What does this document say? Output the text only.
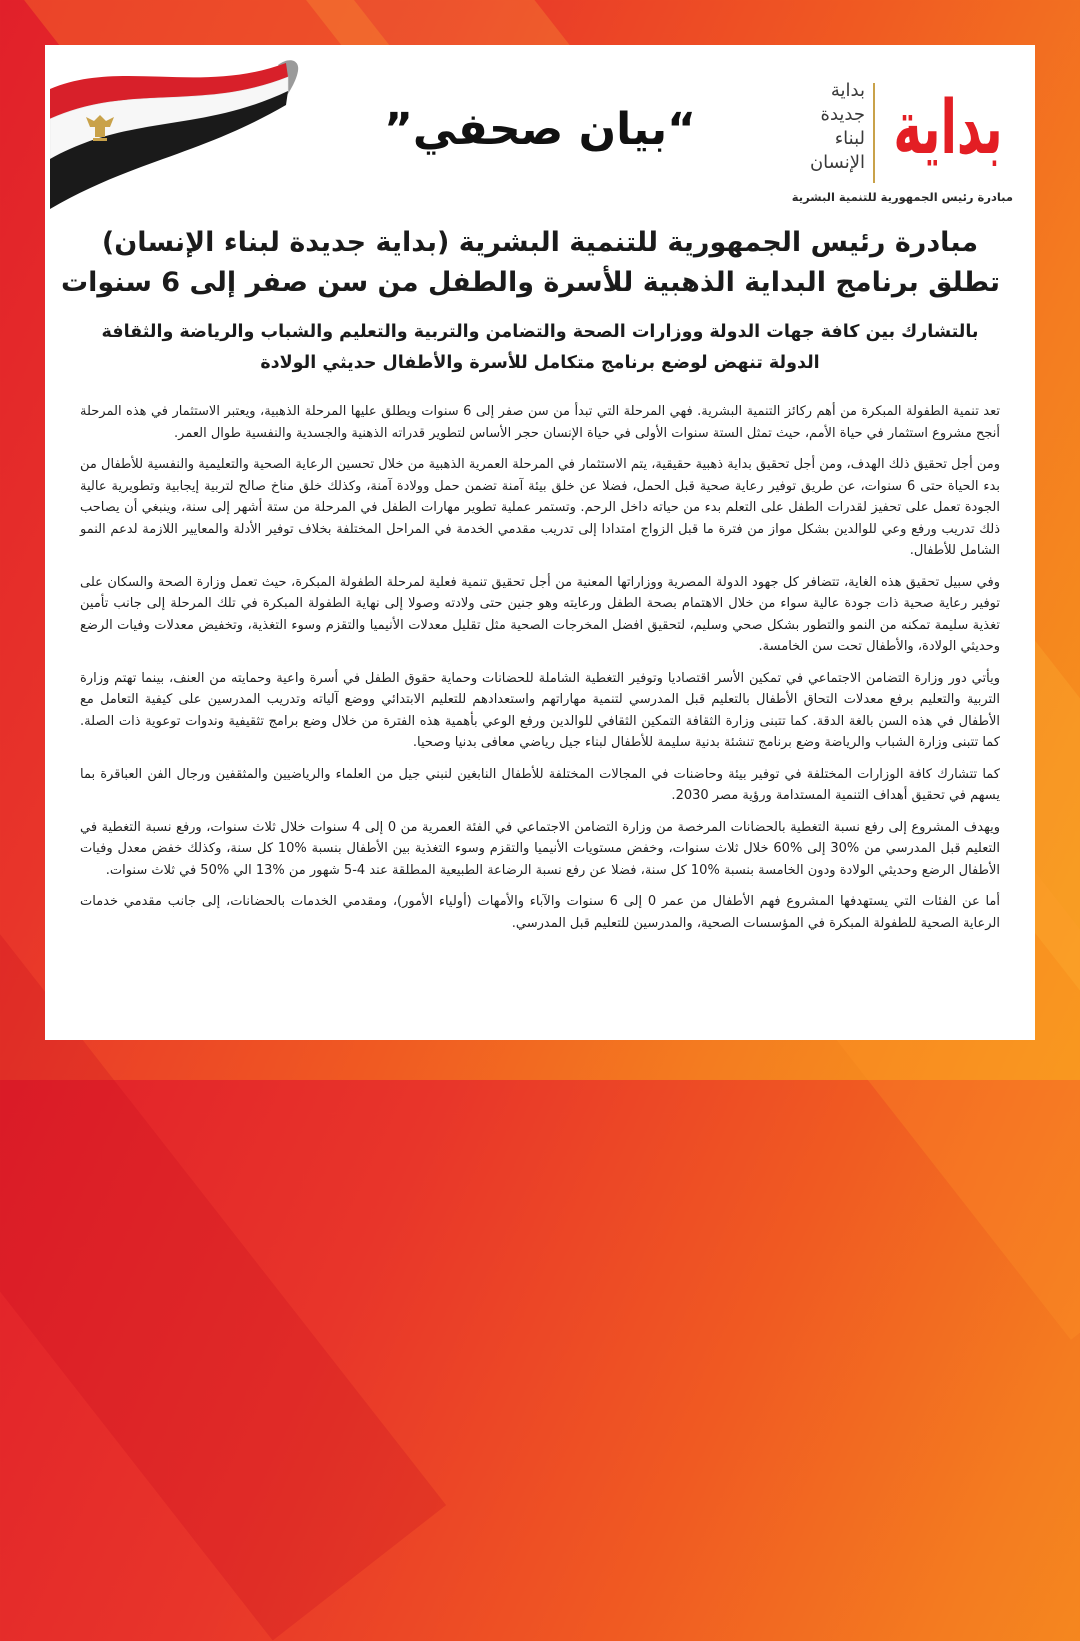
“بيان صحفي”	بداية
بداية
جديدة
لبناء
الإنسان
مبادرة رئيس الجمهورية للتنمية البشرية
مبادرة رئيس الجمهورية للتنمية البشرية (بداية جديدة لبناء الإنسان)
تطلق برنامج البداية الذهبية للأسرة والطفل من سن صفر إلى 6 سنوات
بالتشارك بين كافة جهات الدولة ووزارات الصحة والتضامن والتربية والتعليم والشباب والرياضة والثقافة
الدولة تنهض لوضع برنامج متكامل للأسرة والأطفال حديثي الولادة

تعد تنمية الطفولة المبكرة من أهم ركائز التنمية البشرية. فهي المرحلة التي تبدأ من سن صفر إلى 6 سنوات ويطلق عليها المرحلة الذهبية، ويعتبر الاستثمار في هذه المرحلة أنجح مشروع استثمار في حياة الأمم، حيث تمثل الستة سنوات الأولى في حياة الإنسان حجر الأساس لتطوير قدراته الذهنية والجسدية والنفسية طوال العمر.

ومن أجل تحقيق ذلك الهدف، ومن أجل تحقيق بداية ذهبية حقيقية، يتم الاستثمار في المرحلة العمرية الذهبية من خلال تحسين الرعاية الصحية والتعليمية والنفسية للأطفال من بدء الحياة حتى 6 سنوات، عن طريق توفير رعاية صحية قبل الحمل، فضلا عن خلق بيئة آمنة تضمن حمل وولادة آمنة، وكذلك خلق مناخ صالح لتربية إيجابية وتطويرية عالية الجودة تعمل على تحفيز لقدرات الطفل على التعلم بدء من حياته داخل الرحم. وتستمر عملية تطوير مهارات الطفل في المرحلة من ستة أشهر إلى سنة، وينبغي أن يصاحب ذلك تدريب ورفع وعي للوالدين بشكل مواز من فترة ما قبل الزواج امتدادا إلى تدريب مقدمي الخدمة في المراحل المختلفة بخلاف توفير الأدلة والمعايير اللازمة لدعم النمو الشامل للأطفال.

وفي سبيل تحقيق هذه الغاية، تتضافر كل جهود الدولة المصرية ووزاراتها المعنية من أجل تحقيق تنمية فعلية لمرحلة الطفولة المبكرة، حيث تعمل وزارة الصحة والسكان على توفير رعاية صحية ذات جودة عالية سواء من خلال الاهتمام بصحة الطفل ورعايته وهو جنين حتى ولادته وصولا إلى نهاية الطفولة المبكرة في تلك المرحلة إلى جانب تأمين تغذية سليمة تمكنه من النمو والتطور بشكل صحي وسليم، لتحقيق افضل المخرجات الصحية مثل تقليل معدلات الأنيميا والتقزم وسوء التغذية، وتخفيض معدلات وفيات الرضع وحديثي الولادة، والأطفال تحت سن الخامسة.

ويأتي دور وزارة التضامن الاجتماعي في تمكين الأسر اقتصاديا وتوفير التغطية الشاملة للحضانات وحماية حقوق الطفل في أسرة واعية وحمايته من العنف، بينما تهتم وزارة التربية والتعليم برفع معدلات التحاق الأطفال بالتعليم قبل المدرسي لتنمية مهاراتهم واستعدادهم للتعليم الابتدائي ووضع آلياته وتدريب المدرسين على كيفية التعامل مع الأطفال في هذه السن بالغة الدقة. كما تتبنى وزارة الثقافة التمكين الثقافي للوالدين ورفع الوعي بأهمية هذه الفترة من خلال وضع برامج تثقيفية وندوات توعوية ذات الصلة. كما تتبنى وزارة الشباب والرياضة وضع برنامج تنشئة بدنية سليمة للأطفال لبناء جيل رياضي معافى بدنيا وصحيا.

كما تتشارك كافة الوزارات المختلفة في توفير بيئة وحاضنات في المجالات المختلفة للأطفال النابغين لنبني جيل من العلماء والرياضيين والمثقفين ورجال الفن العباقرة بما يسهم في تحقيق أهداف التنمية المستدامة ورؤية مصر 2030.

ويهدف المشروع إلى رفع نسبة التغطية بالحضانات المرخصة من وزارة التضامن الاجتماعي في الفئة العمرية من 0 إلى 4 سنوات خلال ثلاث سنوات، ورفع نسبة التغطية في التعليم قبل المدرسي من %30 إلى %60 خلال ثلاث سنوات، وخفض مستويات الأنيميا والتقزم وسوء التغذية بين الأطفال بنسبة %10 كل سنة، وكذلك خفض معدل وفيات الأطفال الرضع وحديثي الولادة ودون الخامسة بنسبة %10 كل سنة، فضلا عن رفع نسبة الرضاعة الطبيعية المطلقة عند 4-5 شهور من %13 الي %50 في ثلاث سنوات.

أما عن الفئات التي يستهدفها المشروع فهم الأطفال من عمر 0 إلى 6 سنوات والآباء والأمهات (أولياء الأمور)، ومقدمي الخدمات بالحضانات، إلى جانب مقدمي خدمات الرعاية الصحية للطفولة المبكرة في المؤسسات الصحية، والمدرسين للتعليم قبل المدرسي.
